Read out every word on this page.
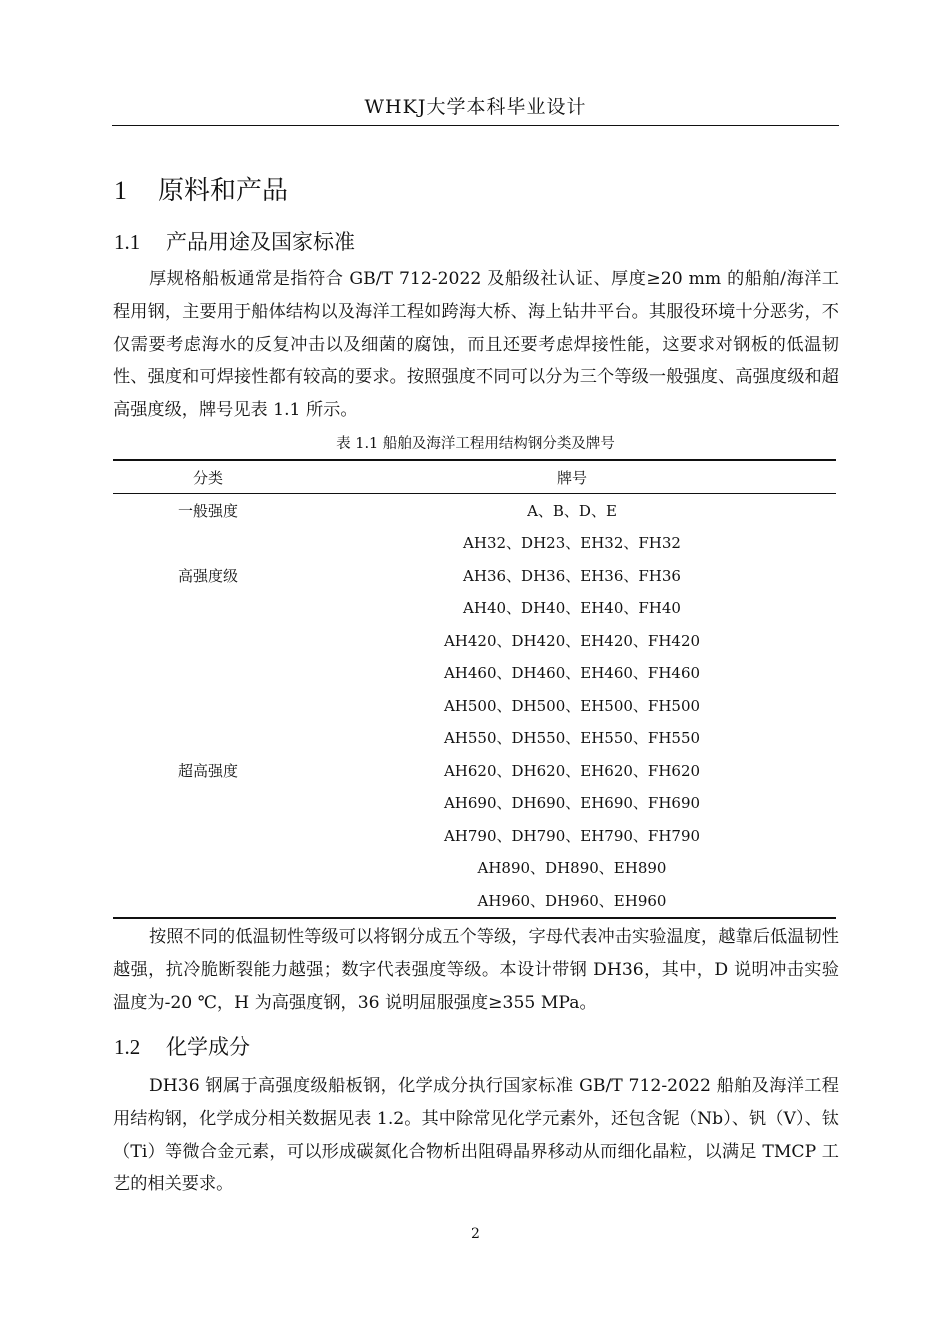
WHKJ大学本科毕业设计
1 原料和产品
1.1 产品用途及国家标准
厚规格船板通常是指符合 GB/T 712-2022 及船级社认证、厚度≥20 mm 的船舶/海洋工程用钢，主要用于船体结构以及海洋工程如跨海大桥、海上钻井平台。其服役环境十分恶劣，不仅需要考虑海水的反复冲击以及细菌的腐蚀，而且还要考虑焊接性能，这要求对钢板的低温韧性、强度和可焊接性都有较高的要求。按照强度不同可以分为三个等级一般强度、高强度级和超高强度级，牌号见表 1.1 所示。
表 1.1 船舶及海洋工程用结构钢分类及牌号
分类	牌号
一般强度
高强度级
超高强度
A、B、D、E
AH32、DH23、EH32、FH32
AH36、DH36、EH36、FH36
AH40、DH40、EH40、FH40
AH420、DH420、EH420、FH420
AH460、DH460、EH460、FH460
AH500、DH500、EH500、FH500
AH550、DH550、EH550、FH550
AH620、DH620、EH620、FH620
AH690、DH690、EH690、FH690
AH790、DH790、EH790、FH790
AH890、DH890、EH890
AH960、DH960、EH960
按照不同的低温韧性等级可以将钢分成五个等级，字母代表冲击实验温度，越靠后低温韧性越强，抗冷脆断裂能力越强；数字代表强度等级。本设计带钢 DH36，其中，D 说明冲击实验温度为-20 ℃，H 为高强度钢，36 说明屈服强度≥355 MPa。
1.2 化学成分
DH36 钢属于高强度级船板钢，化学成分执行国家标准 GB/T 712-2022 船舶及海洋工程用结构钢，化学成分相关数据见表 1.2。其中除常见化学元素外，还包含铌（Nb）、钒（V）、钛（Ti）等微合金元素，可以形成碳氮化合物析出阻碍晶界移动从而细化晶粒，以满足 TMCP 工艺的相关要求。
2
